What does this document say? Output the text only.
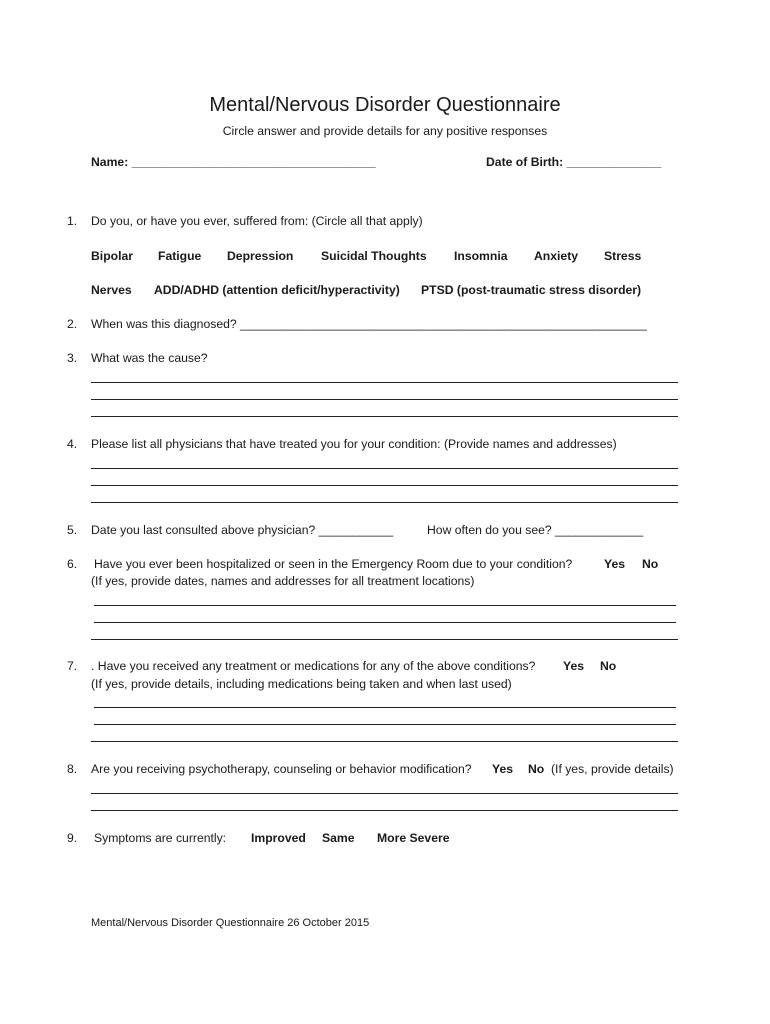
Mental/Nervous Disorder Questionnaire
Circle answer and provide details for any positive responses
Name: ____________________________________	Date of Birth: ______________
1. Do you, or have you ever, suffered from: (Circle all that apply)
Bipolar Fatigue Depression Suicidal Thoughts Insomnia Anxiety Stress
Nerves ADD/ADHD (attention deficit/hyperactivity) PTSD (post-traumatic stress disorder)
2. When was this diagnosed? ____________________________________________________________
3. What was the cause?
4. Please list all physicians that have treated you for your condition: (Provide names and addresses)
5. Date you last consulted above physician? ___________	How often do you see? _____________
6. Have you ever been hospitalized or seen in the Emergency Room due to your condition?	Yes No
(If yes, provide dates, names and addresses for all treatment locations)
7. . Have you received any treatment or medications for any of the above conditions? Yes No
(If yes, provide details, including medications being taken and when last used)
8. Are you receiving psychotherapy, counseling or behavior modification? Yes No (If yes, provide details)
9. Symptoms are currently: Improved Same More Severe
Mental/Nervous Disorder Questionnaire 26 October 2015
